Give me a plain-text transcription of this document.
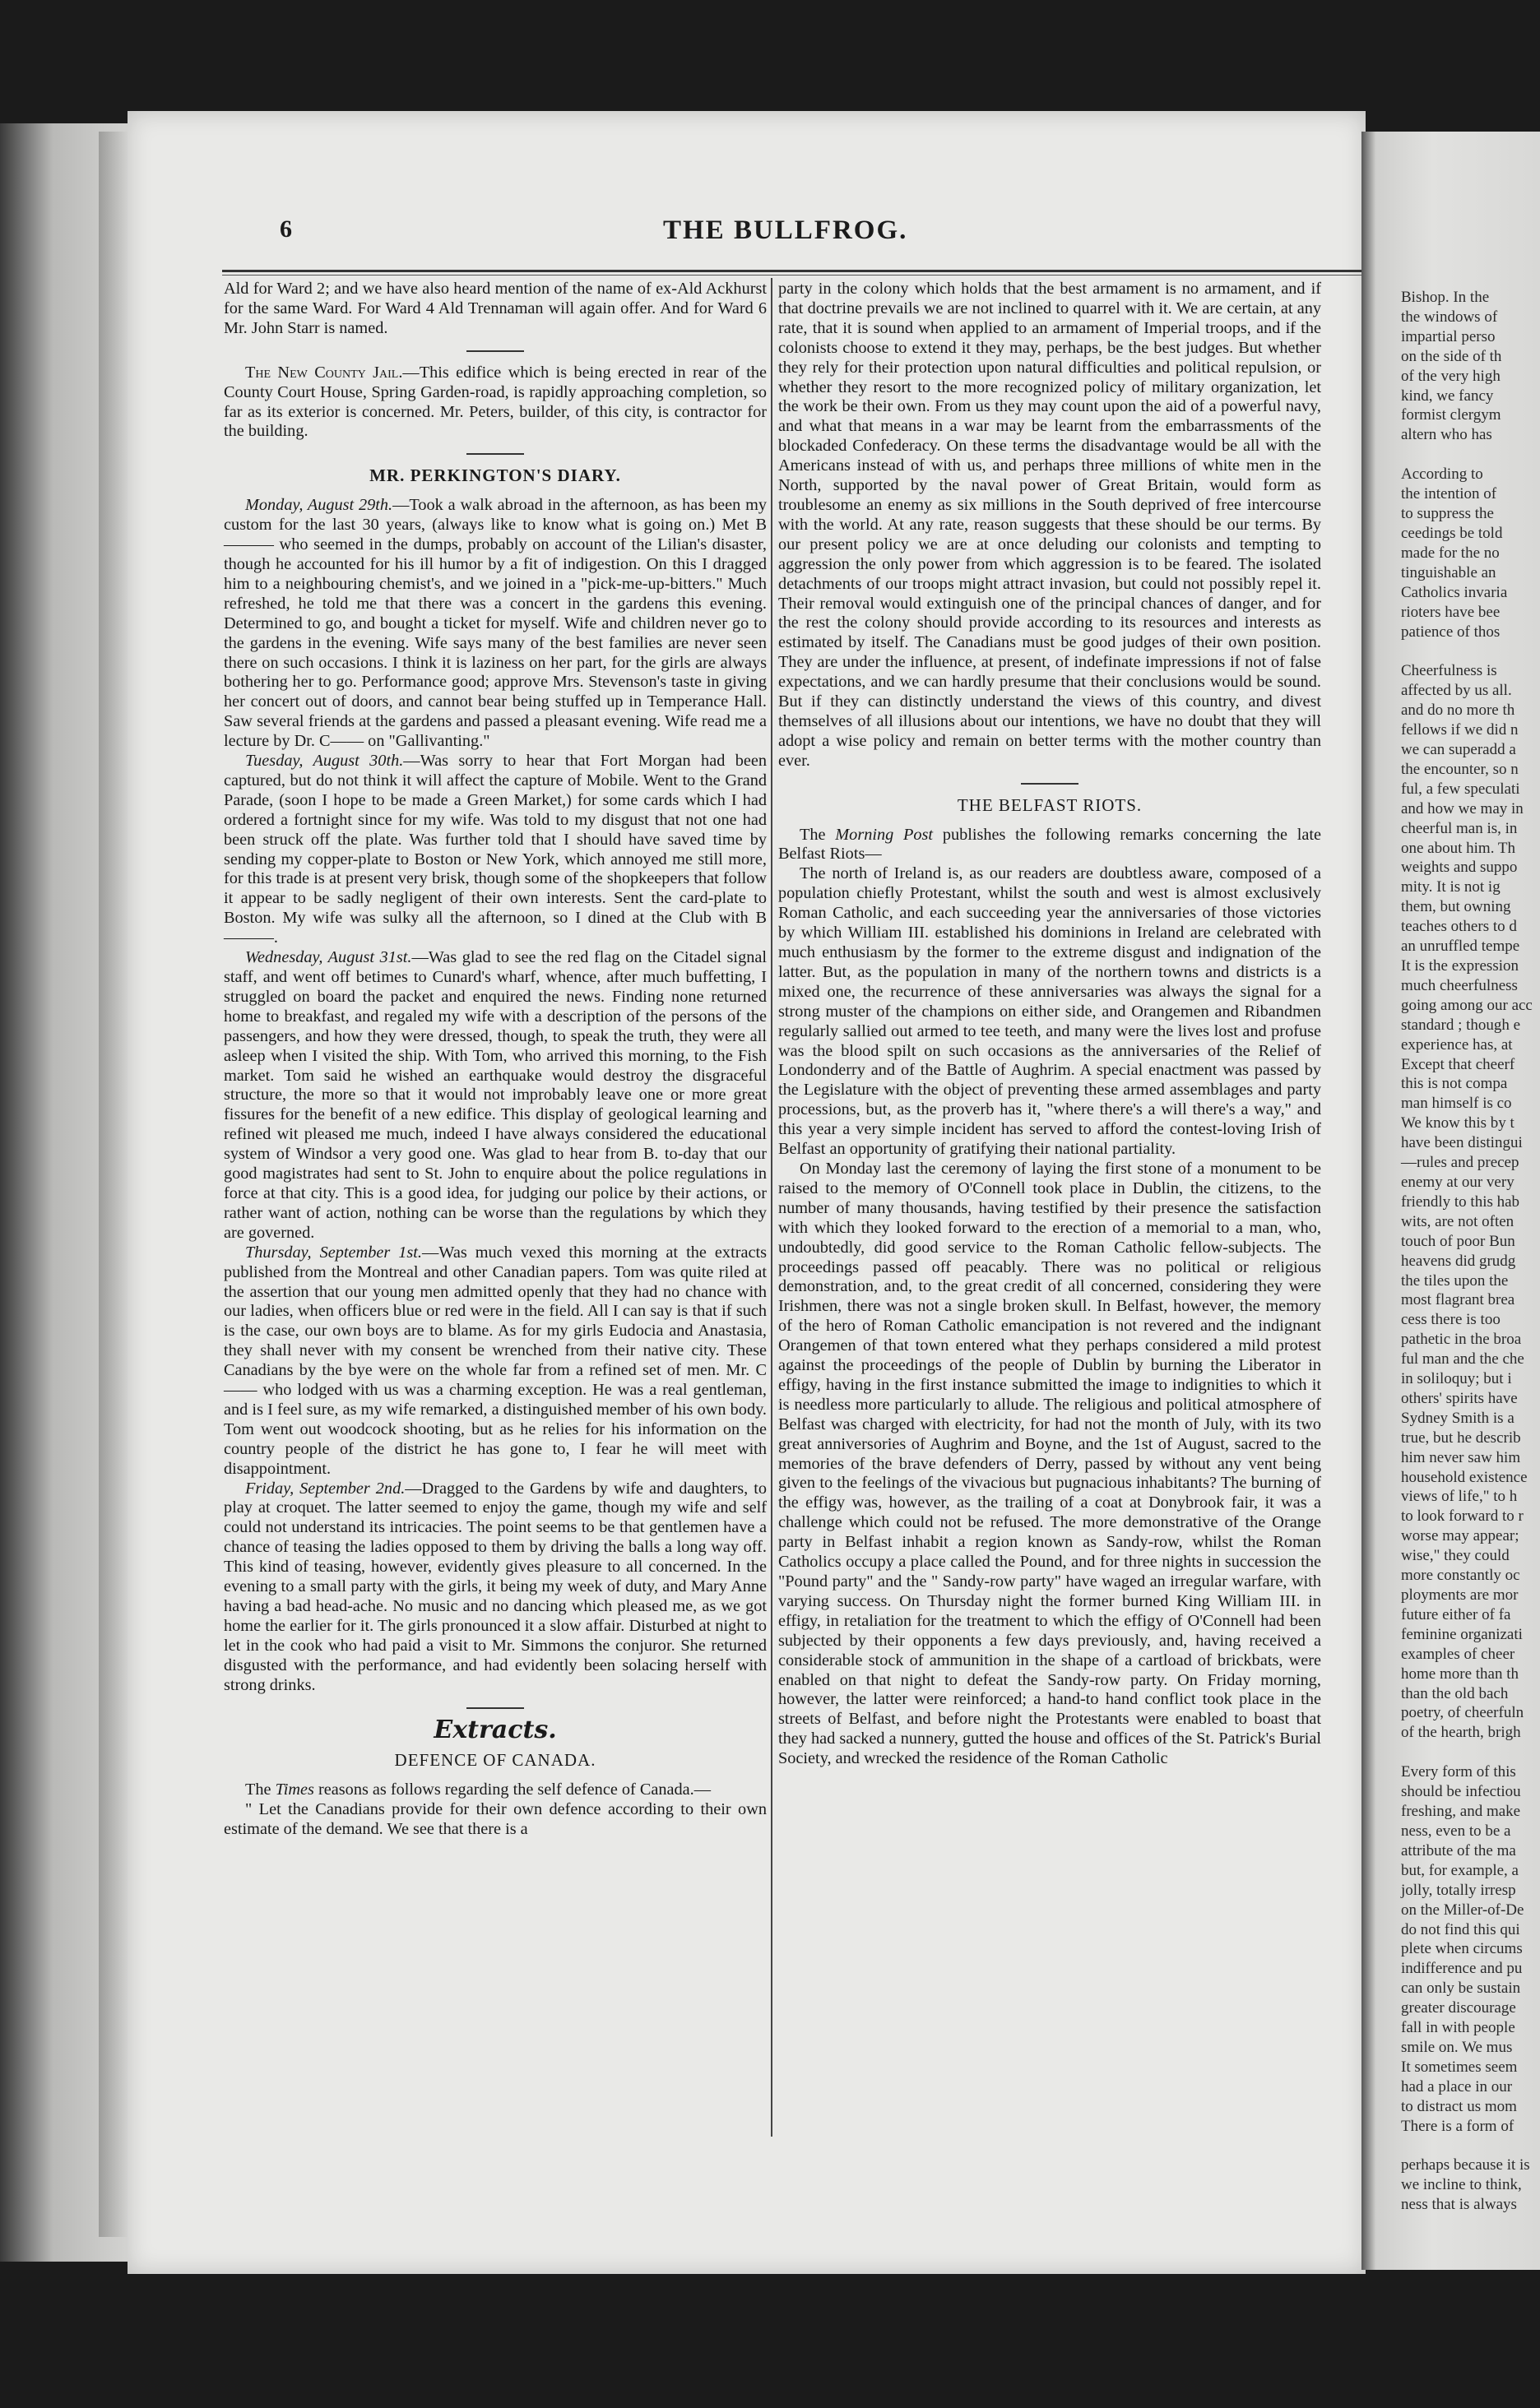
Bishop. In the

the windows of

impartial perso

on the side of th

of the very high

kind, we fancy

formist clergym

altern who has

According to

the intention of

to suppress the

ceedings be told

made for the no

tinguishable an

Catholics invaria

rioters have bee

patience of thos

Cheerfulness is

affected by us all.

and do no more th

fellows if we did n

we can superadd a

the encounter, so n

ful, a few speculati

and how we may in

cheerful man is, in

one about him. Th

weights and suppo

mity. It is not ig

them, but owning

teaches others to d

an unruffled tempe

It is the expression

much cheerfulness

going among our acc

standard ; though e

experience has, at

Except that cheerf

this is not compa

man himself is co

We know this by t

have been distingui

—rules and precep

enemy at our very

friendly to this hab

wits, are not often

touch of poor Bun

heavens did grudg

the tiles upon the

most flagrant brea

cess there is too

pathetic in the broa

ful man and the che

in soliloquy; but i

others' spirits have

Sydney Smith is a

true, but he describ

him never saw him

household existence

views of life," to h

to look forward to r

worse may appear;

wise," they could

more constantly oc

ployments are mor

future either of fa

feminine organizati

examples of cheer

home more than th

than the old bach

poetry, of cheerfuln

of the hearth, brigh

Every form of this

should be infectiou

freshing, and make

ness, even to be a

attribute of the ma

but, for example, a

jolly, totally irresp

on the Miller-of-De

do not find this qui

plete when circums

indifference and pu

can only be sustain

greater discourage

fall in with people

smile on. We mus

It sometimes seem

had a place in our

to distract us mom

There is a form of

perhaps because it is

we incline to think,

ness that is always

6	THE BULLFROG.

Ald for Ward 2; and we have also heard mention of the name of ex-Ald Ackhurst for the same Ward. For Ward 4 Ald Trennaman will again offer. And for Ward 6 Mr. John Starr is named.

The New County Jail.—This edifice which is being erected in rear of the County Court House, Spring Garden-road, is rapidly approaching completion, so far as its exterior is concerned. Mr. Peters, builder, of this city, is contractor for the building.

MR. PERKINGTON'S DIARY.

Monday, August 29th.—Took a walk abroad in the afternoon, as has been my custom for the last 30 years, (always like to know what is going on.) Met B——— who seemed in the dumps, probably on account of the Lilian's disaster, though he accounted for his ill humor by a fit of indigestion. On this I dragged him to a neighbouring chemist's, and we joined in a "pick-me-up-bitters." Much refreshed, he told me that there was a concert in the gardens this evening. Determined to go, and bought a ticket for myself. Wife and children never go to the gardens in the evening. Wife says many of the best families are never seen there on such occasions. I think it is laziness on her part, for the girls are always bothering her to go. Performance good; approve Mrs. Stevenson's taste in giving her concert out of doors, and cannot bear being stuffed up in Temperance Hall. Saw several friends at the gardens and passed a pleasant evening. Wife read me a lecture by Dr. C—— on "Gallivanting."

Tuesday, August 30th.—Was sorry to hear that Fort Morgan had been captured, but do not think it will affect the capture of Mobile. Went to the Grand Parade, (soon I hope to be made a Green Market,) for some cards which I had ordered a fortnight since for my wife. Was told to my disgust that not one had been struck off the plate. Was further told that I should have saved time by sending my copper-plate to Boston or New York, which annoyed me still more, for this trade is at present very brisk, though some of the shopkeepers that follow it appear to be sadly negligent of their own interests. Sent the card-plate to Boston. My wife was sulky all the afternoon, so I dined at the Club with B———.

Wednesday, August 31st.—Was glad to see the red flag on the Citadel signal staff, and went off betimes to Cunard's wharf, whence, after much buffetting, I struggled on board the packet and enquired the news. Finding none returned home to breakfast, and regaled my wife with a description of the persons of the passengers, and how they were dressed, though, to speak the truth, they were all asleep when I visited the ship. With Tom, who arrived this morning, to the Fish market. Tom said he wished an earthquake would destroy the disgraceful structure, the more so that it would not improbably leave one or more great fissures for the benefit of a new edifice. This display of geological learning and refined wit pleased me much, indeed I have always considered the educational system of Windsor a very good one. Was glad to hear from B. to-day that our good magistrates had sent to St. John to enquire about the police regulations in force at that city. This is a good idea, for judging our police by their actions, or rather want of action, nothing can be worse than the regulations by which they are governed.

Thursday, September 1st.—Was much vexed this morning at the extracts published from the Montreal and other Canadian papers. Tom was quite riled at the assertion that our young men admitted openly that they had no chance with our ladies, when officers blue or red were in the field. All I can say is that if such is the case, our own boys are to blame. As for my girls Eudocia and Anastasia, they shall never with my consent be wrenched from their native city. These Canadians by the bye were on the whole far from a refined set of men. Mr. C—— who lodged with us was a charming exception. He was a real gentleman, and is I feel sure, as my wife remarked, a distinguished member of his own body. Tom went out woodcock shooting, but as he relies for his information on the country people of the district he has gone to, I fear he will meet with disappointment.

Friday, September 2nd.—Dragged to the Gardens by wife and daughters, to play at croquet. The latter seemed to enjoy the game, though my wife and self could not understand its intricacies. The point seems to be that gentlemen have a chance of teasing the ladies opposed to them by driving the balls a long way off. This kind of teasing, however, evidently gives pleasure to all concerned. In the evening to a small party with the girls, it being my week of duty, and Mary Anne having a bad head-ache. No music and no dancing which pleased me, as we got home the earlier for it. The girls pronounced it a slow affair. Disturbed at night to let in the cook who had paid a visit to Mr. Simmons the conjuror. She returned disgusted with the performance, and had evidently been solacing herself with strong drinks.

Extracts.
DEFENCE OF CANADA.

The Times reasons as follows regarding the self defence of Canada.—

" Let the Canadians provide for their own defence according to their own estimate of the demand. We see that there is a

party in the colony which holds that the best armament is no armament, and if that doctrine prevails we are not inclined to quarrel with it. We are certain, at any rate, that it is sound when applied to an armament of Imperial troops, and if the colonists choose to extend it they may, perhaps, be the best judges. But whether they rely for their protection upon natural difficulties and political repulsion, or whether they resort to the more recognized policy of military organization, let the work be their own. From us they may count upon the aid of a powerful navy, and what that means in a war may be learnt from the embarrassments of the blockaded Confederacy. On these terms the disadvantage would be all with the Americans instead of with us, and perhaps three millions of white men in the North, supported by the naval power of Great Britain, would form as troublesome an enemy as six millions in the South deprived of free intercourse with the world. At any rate, reason suggests that these should be our terms. By our present policy we are at once deluding our colonists and tempting to aggression the only power from which aggression is to be feared. The isolated detachments of our troops might attract invasion, but could not possibly repel it. Their removal would extinguish one of the principal chances of danger, and for the rest the colony should provide according to its resources and interests as estimated by itself. The Canadians must be good judges of their own position. They are under the influence, at present, of indefinate impressions if not of false expectations, and we can hardly presume that their conclusions would be sound. But if they can distinctly understand the views of this country, and divest themselves of all illusions about our intentions, we have no doubt that they will adopt a wise policy and remain on better terms with the mother country than ever.

THE BELFAST RIOTS.

The Morning Post publishes the following remarks concerning the late Belfast Riots—

The north of Ireland is, as our readers are doubtless aware, composed of a population chiefly Protestant, whilst the south and west is almost exclusively Roman Catholic, and each succeeding year the anniversaries of those victories by which William III. established his dominions in Ireland are celebrated with much enthusiasm by the former to the extreme disgust and indignation of the latter. But, as the population in many of the northern towns and districts is a mixed one, the recurrence of these anniversaries was always the signal for a strong muster of the champions on either side, and Orangemen and Ribandmen regularly sallied out armed to tee teeth, and many were the lives lost and profuse was the blood spilt on such occasions as the anniversaries of the Relief of Londonderry and of the Battle of Aughrim. A special enactment was passed by the Legislature with the object of preventing these armed assemblages and party processions, but, as the proverb has it, "where there's a will there's a way," and this year a very simple incident has served to afford the contest-loving Irish of Belfast an opportunity of gratifying their national partiality.

On Monday last the ceremony of laying the first stone of a monument to be raised to the memory of O'Connell took place in Dublin, the citizens, to the number of many thousands, having testified by their presence the satisfaction with which they looked forward to the erection of a memorial to a man, who, undoubtedly, did good service to the Roman Catholic fellow-subjects. The proceedings passed off peacably. There was no political or religious demonstration, and, to the great credit of all concerned, considering they were Irishmen, there was not a single broken skull. In Belfast, however, the memory of the hero of Roman Catholic emancipation is not revered and the indignant Orangemen of that town entered what they perhaps considered a mild protest against the proceedings of the people of Dublin by burning the Liberator in effigy, having in the first instance submitted the image to indignities to which it is needless more particularly to allude. The religious and political atmosphere of Belfast was charged with electricity, for had not the month of July, with its two great anniversories of Aughrim and Boyne, and the 1st of August, sacred to the memories of the brave defenders of Derry, passed by without any vent being given to the feelings of the vivacious but pugnacious inhabitants? The burning of the effigy was, however, as the trailing of a coat at Donybrook fair, it was a challenge which could not be refused. The more demonstrative of the Orange party in Belfast inhabit a region known as Sandy-row, whilst the Roman Catholics occupy a place called the Pound, and for three nights in succession the "Pound party" and the " Sandy-row party" have waged an irregular warfare, with varying success. On Thursday night the former burned King William III. in effigy, in retaliation for the treatment to which the effigy of O'Connell had been subjected by their opponents a few days previously, and, having received a considerable stock of ammunition in the shape of a cartload of brickbats, were enabled on that night to defeat the Sandy-row party. On Friday morning, however, the latter were reinforced; a hand-to hand conflict took place in the streets of Belfast, and before night the Protestants were enabled to boast that they had sacked a nunnery, gutted the house and offices of the St. Patrick's Burial Society, and wrecked the residence of the Roman Catholic
